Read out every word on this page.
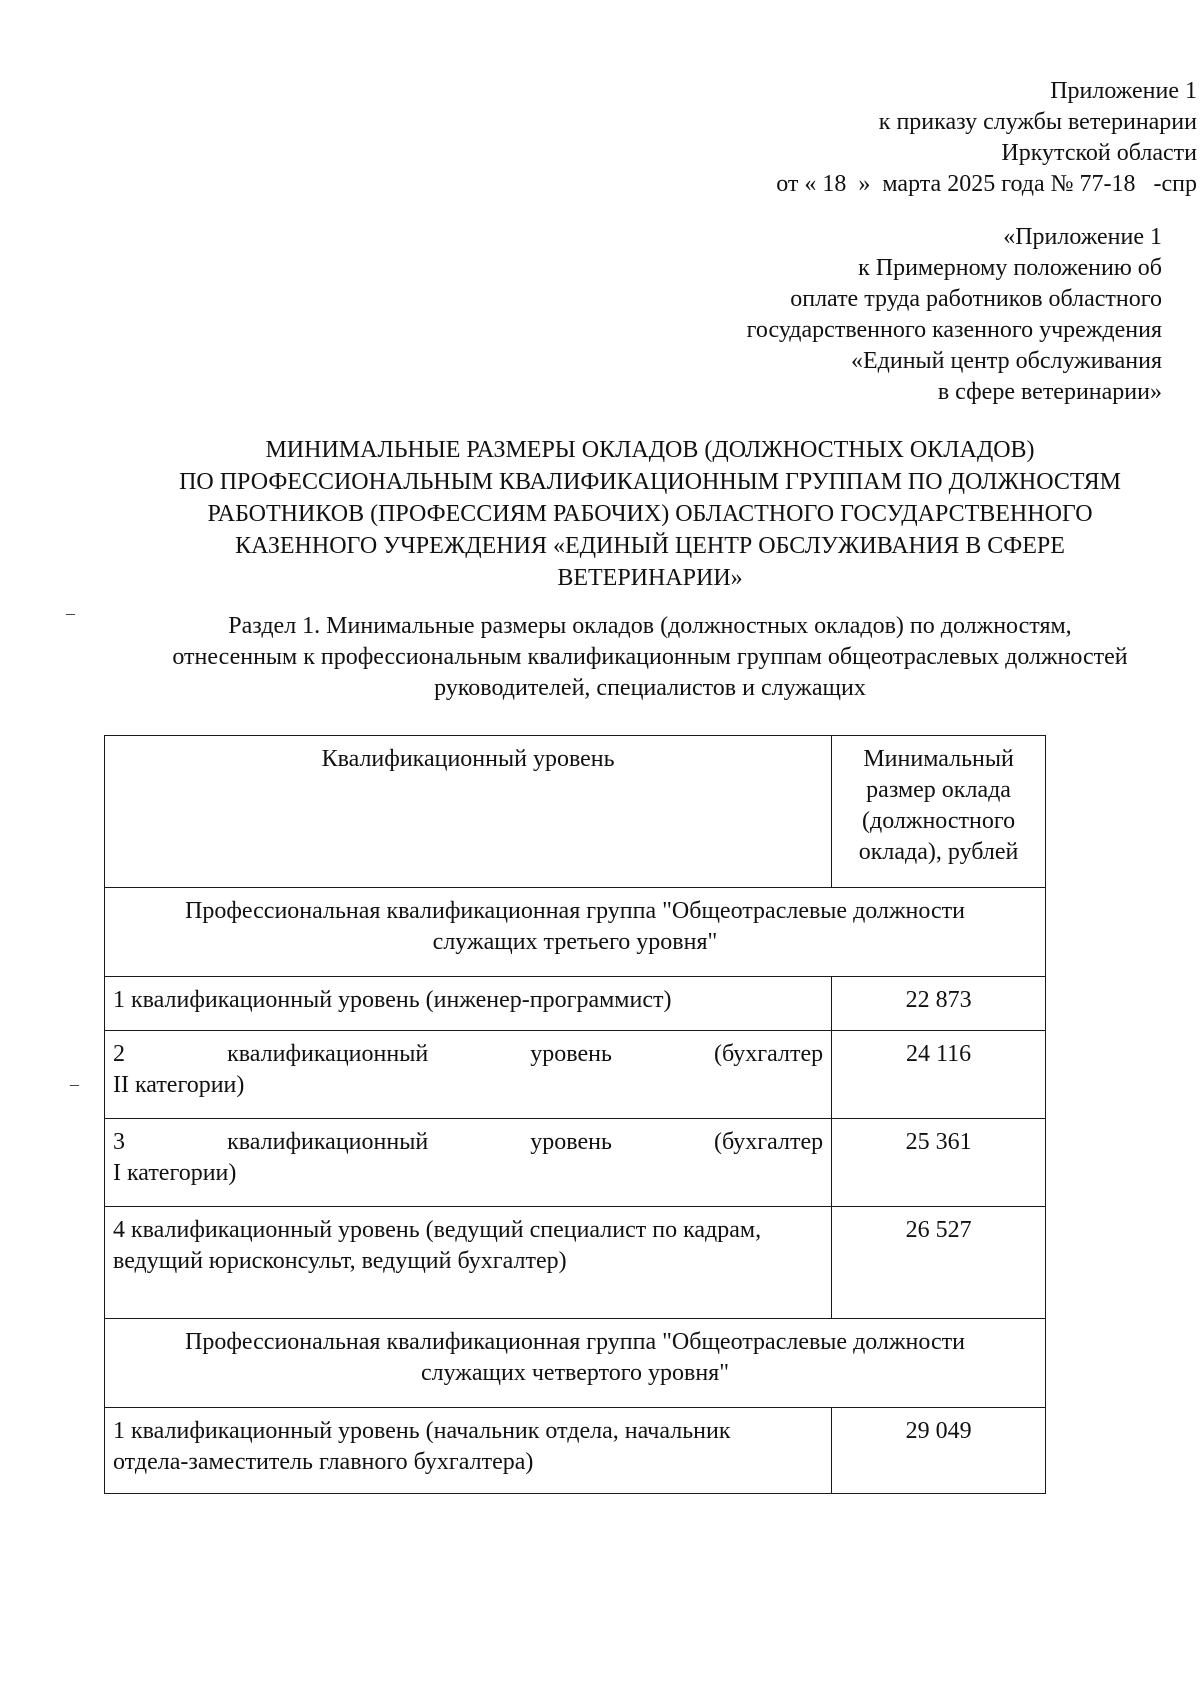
Приложение 1
к приказу службы ветеринарии
Иркутской области
от « 18  »  марта 2025 года № 77-18   -спр
«Приложение 1
к Примерному положению об
оплате труда работников областного
государственного казенного учреждения
«Единый центр обслуживания
в сфере ветеринарии»
МИНИМАЛЬНЫЕ РАЗМЕРЫ ОКЛАДОВ (ДОЛЖНОСТНЫХ ОКЛАДОВ)
ПО ПРОФЕССИОНАЛЬНЫМ КВАЛИФИКАЦИОННЫМ ГРУППАМ ПО ДОЛЖНОСТЯМ
РАБОТНИКОВ (ПРОФЕССИЯМ РАБОЧИХ) ОБЛАСТНОГО ГОСУДАРСТВЕННОГО
КАЗЕННОГО УЧРЕЖДЕНИЯ «ЕДИНЫЙ ЦЕНТР ОБСЛУЖИВАНИЯ В СФЕРЕ
ВЕТЕРИНАРИИ»
Раздел 1. Минимальные размеры окладов (должностных окладов) по должностям,
отнесенным к профессиональным квалификационным группам общеотраслевых должностей
руководителей, специалистов и служащих
Квалификационный уровень	Минимальный
размер оклада
(должностного
оклада), рублей

Профессиональная квалификационная группа "Общеотраслевые должности
служащих третьего уровня"	

1 квалификационный уровень (инженер-программист)	22 873

2 квалификационный уровень (бухгалтер
II категории)	24 116

3 квалификационный уровень (бухгалтер
I категории)	25 361

4 квалификационный уровень (ведущий специалист по кадрам,
ведущий юрисконсульт, ведущий бухгалтер)	26 527

Профессиональная квалификационная группа "Общеотраслевые должности
служащих четвертого уровня"	

1 квалификационный уровень (начальник отдела, начальник
отдела-заместитель главного бухгалтера)	29 049
–
–
